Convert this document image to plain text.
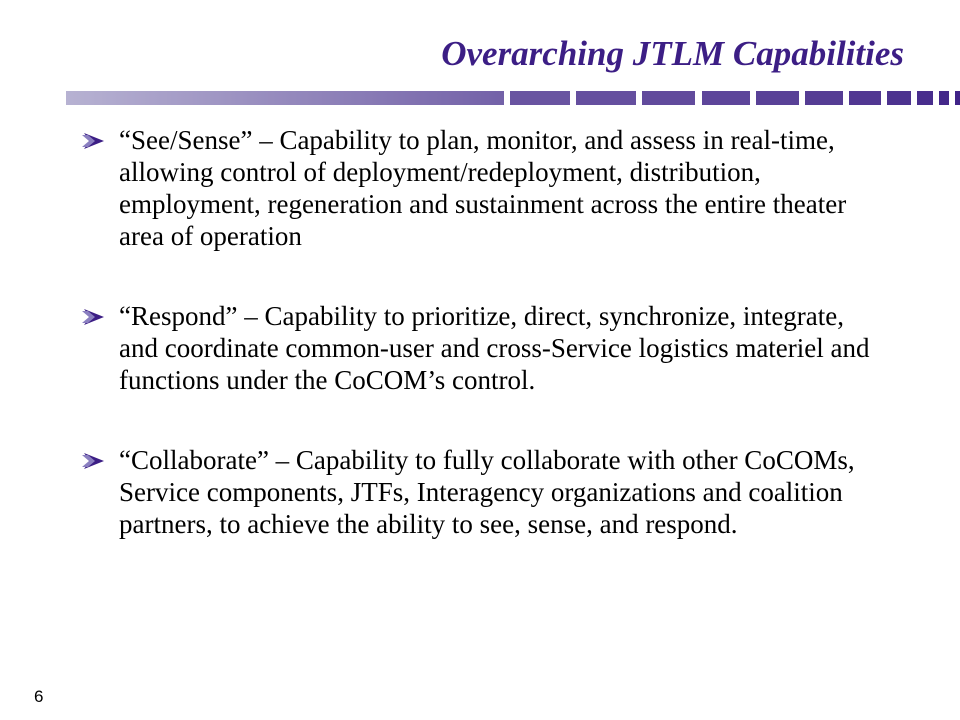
Overarching JTLM Capabilities
“See/Sense” – Capability to plan, monitor, and assess in real-time, allowing control of deployment/redeployment, distribution, employment, regeneration and sustainment across the entire theater area of operation
“Respond” – Capability to prioritize, direct, synchronize, integrate, and coordinate common-user and cross-Service logistics materiel and functions under the CoCOM’s control.
“Collaborate” – Capability to fully collaborate with other CoCOMs, Service components, JTFs, Interagency organizations and coalition partners, to achieve the ability to see, sense, and respond.
6
